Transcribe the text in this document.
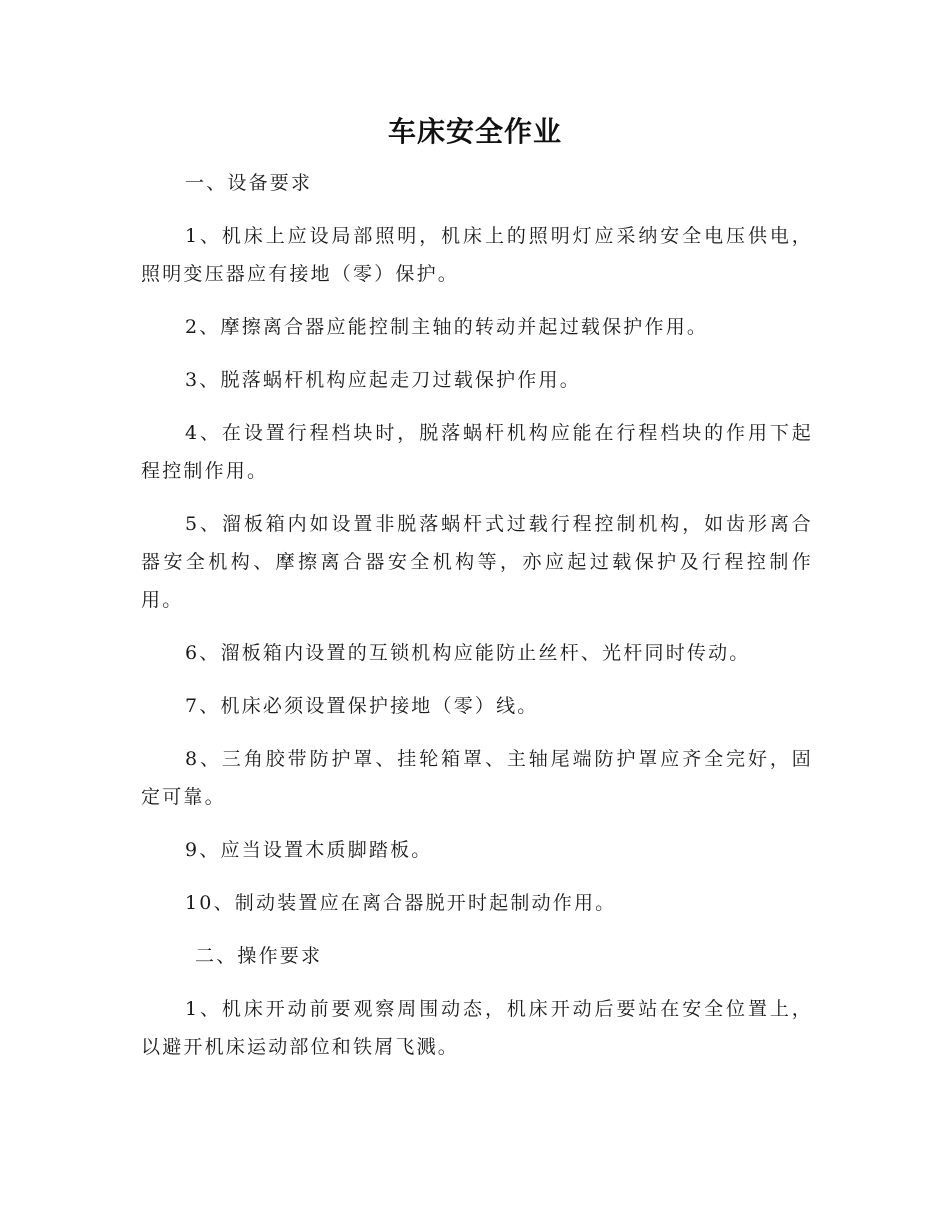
车床安全作业

一、设备要求

1、机床上应设局部照明，机床上的照明灯应采纳安全电压供电，照明变压器应有接地（零）保护。

2、摩擦离合器应能控制主轴的转动并起过载保护作用。

3、脱落蜗杆机构应起走刀过载保护作用。

4、在设置行程档块时，脱落蜗杆机构应能在行程档块的作用下起程控制作用。

5、溜板箱内如设置非脱落蜗杆式过载行程控制机构，如齿形离合器安全机构、摩擦离合器安全机构等，亦应起过载保护及行程控制作用。

6、溜板箱内设置的互锁机构应能防止丝杆、光杆同时传动。

7、机床必须设置保护接地（零）线。

8、三角胶带防护罩、挂轮箱罩、主轴尾端防护罩应齐全完好，固定可靠。

9、应当设置木质脚踏板。

10、制动装置应在离合器脱开时起制动作用。

二、操作要求

1、机床开动前要观察周围动态，机床开动后要站在安全位置上，以避开机床运动部位和铁屑飞溅。
